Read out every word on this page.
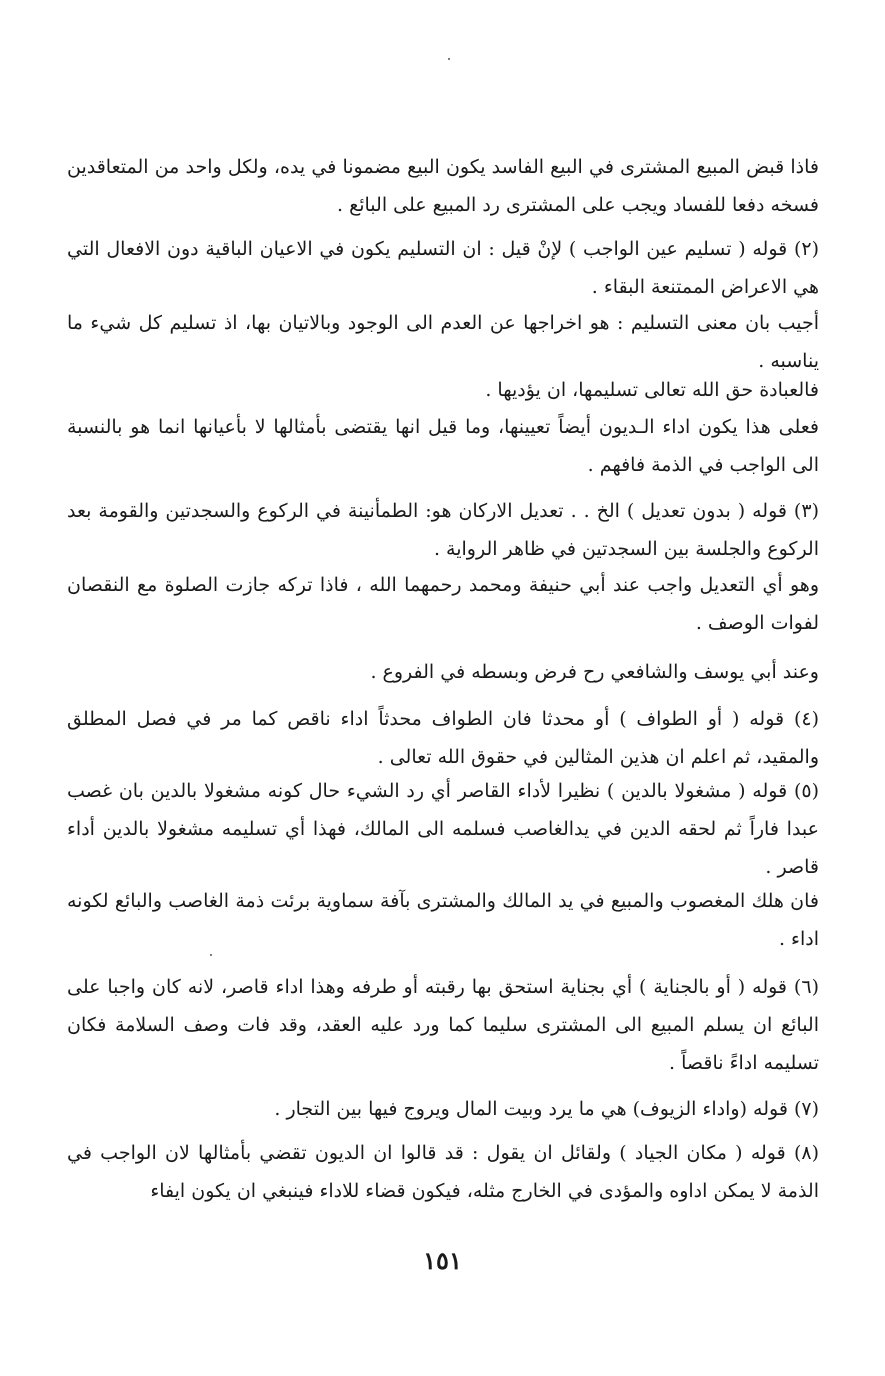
فاذا قبض المبيع المشترى في البيع الفاسد يكون البيع مضمونا في يده، ولكل واحد من المتعاقدين فسخه دفعا للفساد ويجب على المشترى رد المبيع على البائع .
(٢) قوله ( تسليم عين الواجب ) لإنْ قيل : ان التسليم يكون في الاعيان الباقية دون الافعال التي هي الاعراض الممتنعة البقاء .
أجيب بان معنى التسليم : هو اخراجها عن العدم الى الوجود وبالاتيان بها، اذ تسليم كل شيء ما يناسبه .
فالعبادة حق الله تعالى تسليمها، ان يؤديها .
فعلى هذا يكون اداء الـديون أيضاً تعيينها، وما قيل انها يقتضى بأمثالها لا بأعيانها انما هو بالنسبة الى الواجب في الذمة فافهم .
(٣) قوله ( بدون تعديل ) الخ . . تعديل الاركان هو: الطمأنينة في الركوع والسجدتين والقومة بعد الركوع والجلسة بين السجدتين في ظاهر الرواية .
وهو أي التعديل واجب عند أبي حنيفة ومحمد رحمهما الله ، فاذا تركه جازت الصلوة مع النقصان لفوات الوصف .
وعند أبي يوسف والشافعي رح فرض وبسطه في الفروع .
(٤) قوله ( أو الطواف ) أو محدثا فان الطواف محدثاً اداء ناقص كما مر في فصل المطلق والمقيد، ثم اعلم ان هذين المثالين في حقوق الله تعالى .
(٥) قوله ( مشغولا بالدين ) نظيرا لأداء القاصر أي رد الشيء حال كونه مشغولا بالدين بان غصب عبدا فاراً ثم لحقه الدين في يدالغاصب فسلمه الى المالك، فهذا أي تسليمه مشغولا بالدين أداء قاصر .
فان هلك المغصوب والمبيع في يد المالك والمشترى بآفة سماوية برئت ذمة الغاصب والبائع لكونه اداء .
(٦) قوله ( أو بالجناية ) أي بجناية استحق بها رقبته أو طرفه وهذا اداء قاصر، لانه كان واجبا على البائع ان يسلم المبيع الى المشترى سليما كما ورد عليه العقد، وقد فات وصف السلامة فكان تسليمه اداءً ناقصاً .
(٧) قوله (واداء الزيوف) هي ما يرد وبيت المال ويروج فيها بين التجار .
(٨) قوله ( مكان الجياد ) ولقائل ان يقول : قد قالوا ان الديون تقضي بأمثالها لان الواجب في الذمة لا يمكن اداوه والمؤدى في الخارج مثله، فيكون قضاء للاداء فينبغي ان يكون ايفاء
١٥١
